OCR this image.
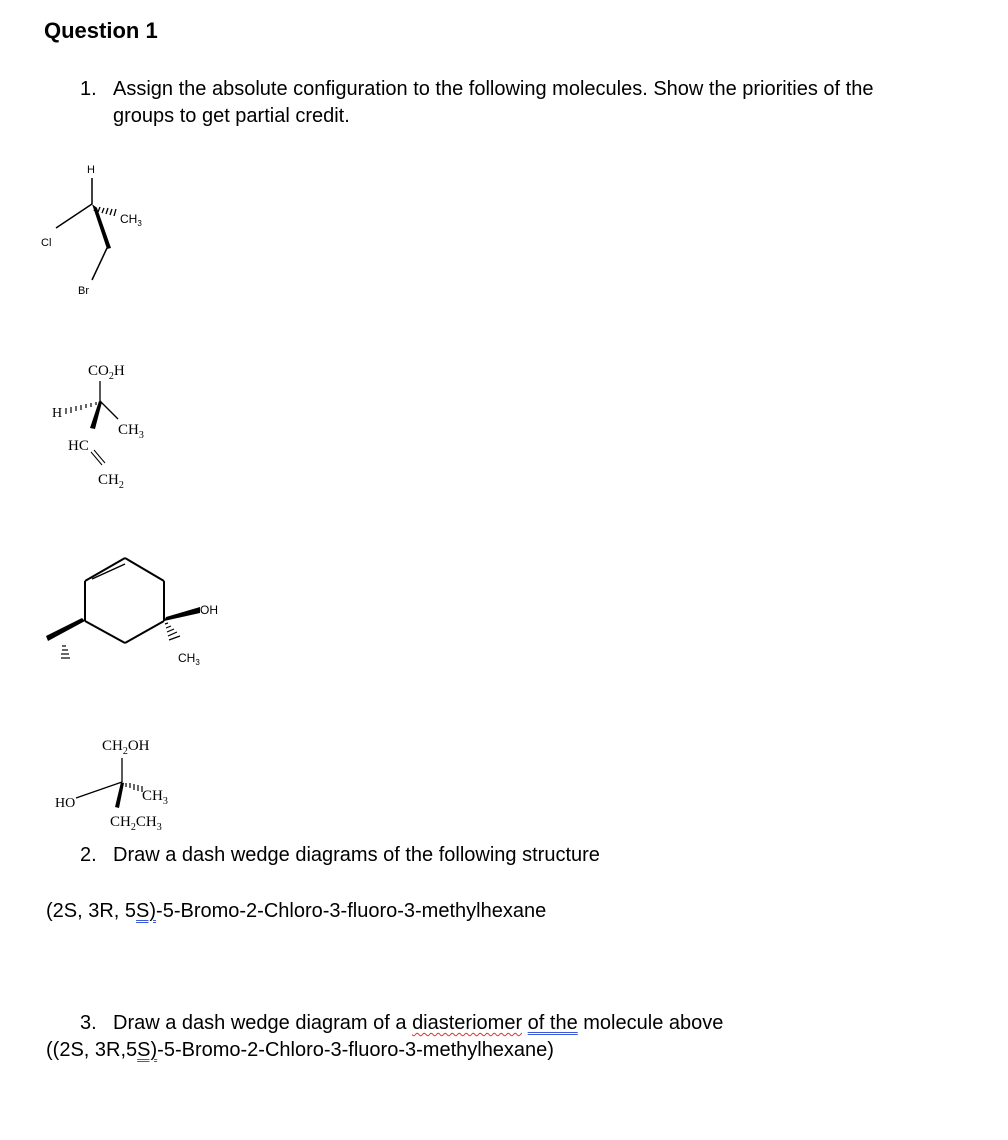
Question 1
1. Assign the absolute configuration to the following molecules. Show the priorities of the
groups to get partial credit.
H
$CH_3$
Cl
Br
$CO_2H$
H
$CH_3$
HC
$CH_2$
OH
$CH_3$
$CH_2OH$
HO	$CH_3$
$CH_2CH_3$
2. Draw a dash wedge diagrams of the following structure
(2S, 3R, 5S)-5-Bromo-2-Chloro-3-fluoro-3-methylhexane
3. Draw a dash wedge diagram of a diasteriomer of the molecule above
((2S, 3R,5S)-5-Bromo-2-Chloro-3-fluoro-3-methylhexane)
